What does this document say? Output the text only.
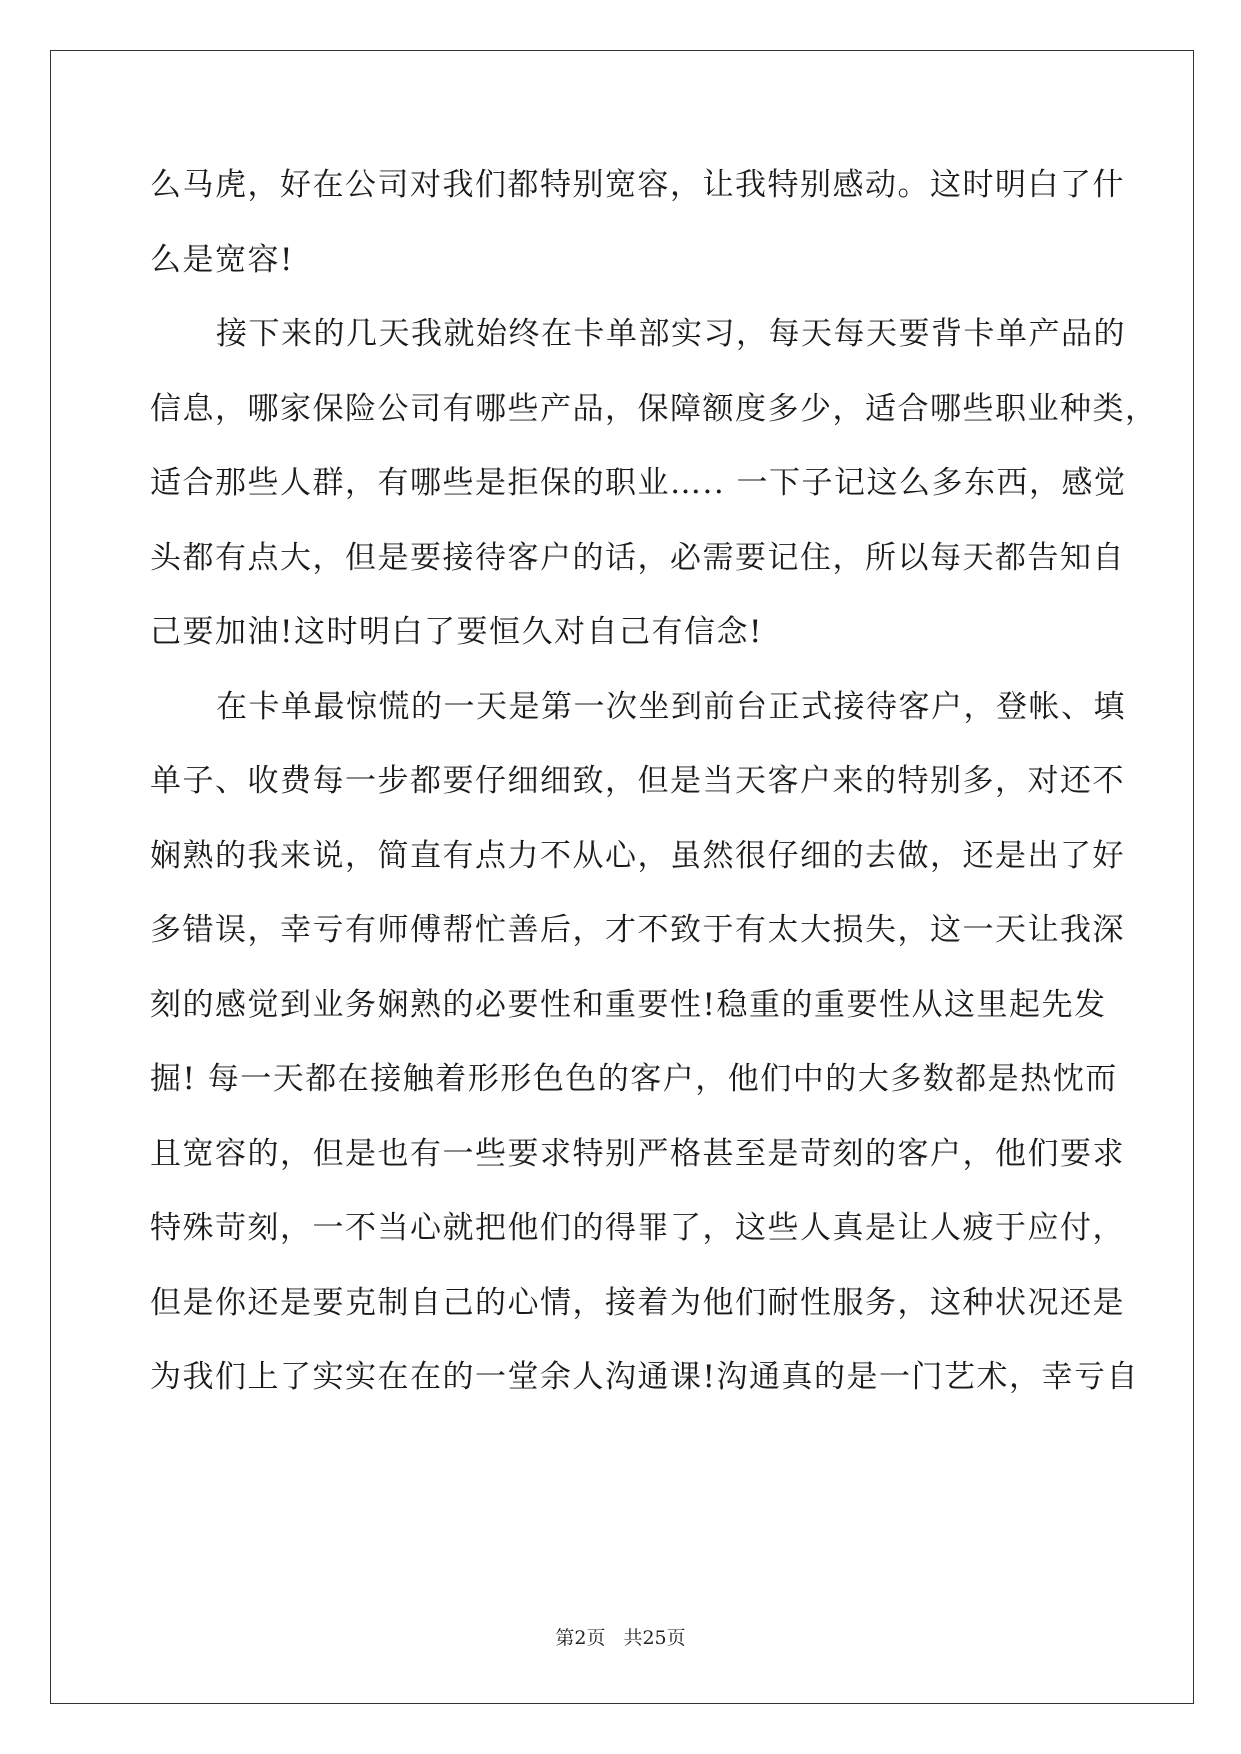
么马虎，好在公司对我们都特别宽容，让我特别感动。这时明白了什
么是宽容!
接下来的几天我就始终在卡单部实习，每天每天要背卡单产品的
信息，哪家保险公司有哪些产品，保障额度多少，适合哪些职业种类，
适合那些人群，有哪些是拒保的职业….. 一下子记这么多东西，感觉
头都有点大，但是要接待客户的话，必需要记住，所以每天都告知自
己要加油!这时明白了要恒久对自己有信念!
在卡单最惊慌的一天是第一次坐到前台正式接待客户，登帐、填
单子、收费每一步都要仔细细致，但是当天客户来的特别多，对还不
娴熟的我来说，简直有点力不从心，虽然很仔细的去做，还是出了好
多错误，幸亏有师傅帮忙善后，才不致于有太大损失，这一天让我深
刻的感觉到业务娴熟的必要性和重要性!稳重的重要性从这里起先发
掘! 每一天都在接触着形形色色的客户，他们中的大多数都是热忱而
且宽容的，但是也有一些要求特别严格甚至是苛刻的客户，他们要求
特殊苛刻，一不当心就把他们的得罪了，这些人真是让人疲于应付，
但是你还是要克制自己的心情，接着为他们耐性服务，这种状况还是
为我们上了实实在在的一堂余人沟通课!沟通真的是一门艺术，幸亏自
第2页 共25页
